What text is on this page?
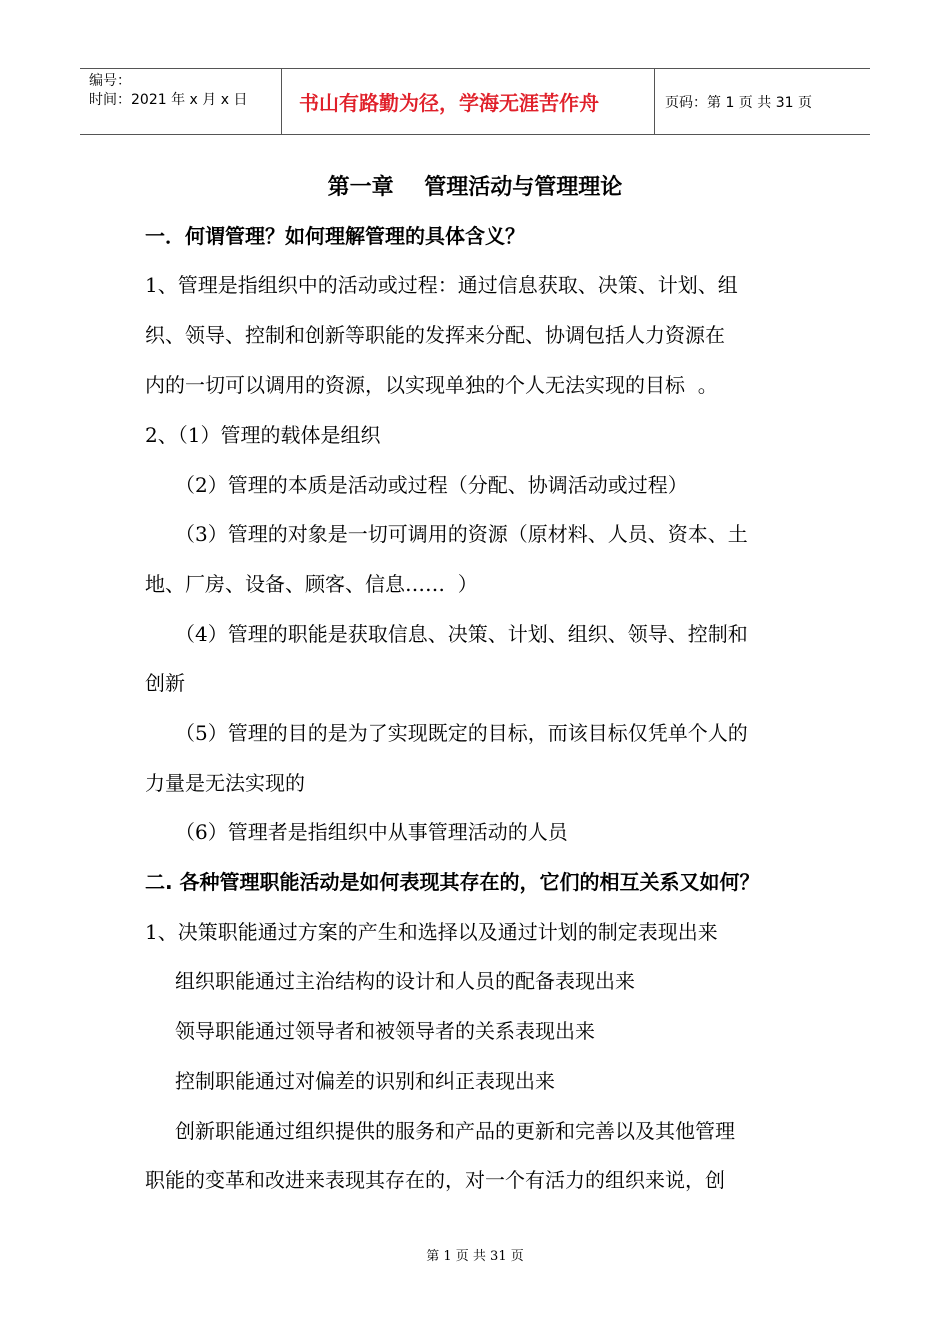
编号：
时间：2021 年 x 月 x 日	书山有路勤为径，学海无涯苦作舟	页码：第 1 页 共 31 页
第一章    管理活动与管理理论
一．何谓管理？如何理解管理的具体含义？
1、管理是指组织中的活动或过程：通过信息获取、决策、计划、组
织、领导、控制和创新等职能的发挥来分配、协调包括人力资源在
内的一切可以调用的资源，以实现单独的个人无法实现的目标  。
2、（1）管理的载体是组织
（2）管理的本质是活动或过程（分配、协调活动或过程）
（3）管理的对象是一切可调用的资源（原材料、人员、资本、土
地、厂房、设备、顾客、信息……  ）
（4）管理的职能是获取信息、决策、计划、组织、领导、控制和
创新
（5）管理的目的是为了实现既定的目标，而该目标仅凭单个人的
力量是无法实现的
（6）管理者是指组织中从事管理活动的人员
二. 各种管理职能活动是如何表现其存在的，它们的相互关系又如何？
1、决策职能通过方案的产生和选择以及通过计划的制定表现出来
组织职能通过主治结构的设计和人员的配备表现出来
领导职能通过领导者和被领导者的关系表现出来
控制职能通过对偏差的识别和纠正表现出来
创新职能通过组织提供的服务和产品的更新和完善以及其他管理
职能的变革和改进来表现其存在的，对一个有活力的组织来说，创
第 1 页 共 31 页
